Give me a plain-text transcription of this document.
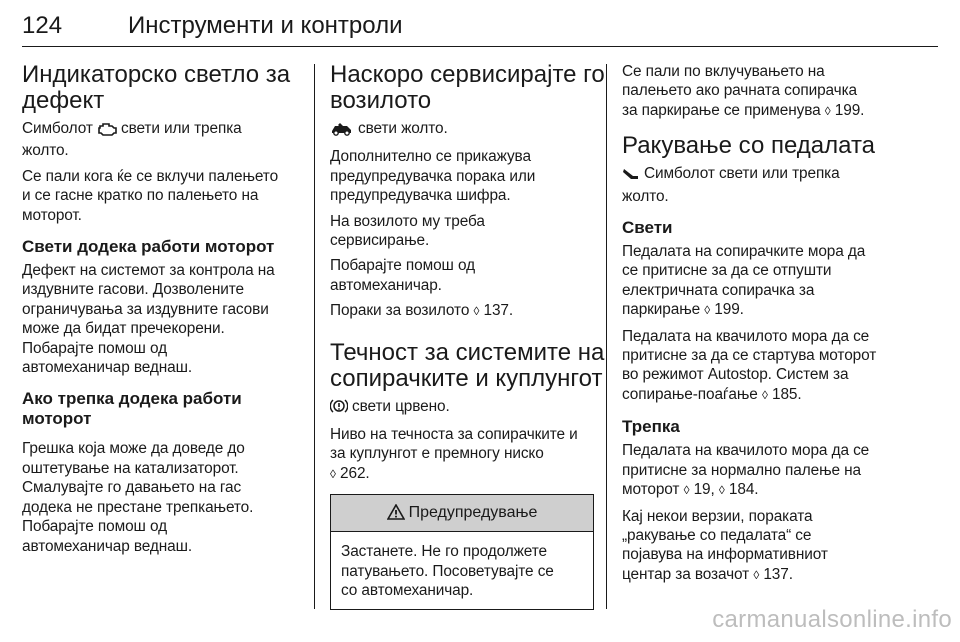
124	Инструменти и контроли
Индикаторско светло за
дефект

Симболот свети или трепка
жолто.

Се пали кога ќе се вклучи палењето
и се гасне кратко по палењето на
моторот.

Свети додека работи моторот

Дефект на системот за контрола на
издувните гасови. Дозволените
ограничувања за издувните гасови
може да бидат пречекорени.
Побарајте помош од
автомеханичар веднаш.

Ако трепка додека работи
моторот

Грешка која може да доведе до
оштетување на катализаторот.
Смалувајте го давањето на гас
додека не престане трепкањето.
Побарајте помош од
автомеханичар веднаш.

Наскоро сервисирајте го
возилото

свети жолто.

Дополнително се прикажува
предупредувачка порака или
предупредувачка шифра.

На возилото му треба
сервисирање.

Побарајте помош од
автомеханичар.

Пораки за возилото ◊ 137.

Течност за системите на
сопирачките и куплунгот

свети црвено.

Ниво на течноста за сопирачките и
за куплунгот е премногу ниско
◊ 262.

Предупредување

Застанете. Не го продолжете
патувањето. Посоветувајте се
со автомеханичар.

Се пали по вклучувањето на
палењето ако рачната сопирачка
за паркирање се применува ◊ 199.

Ракување со педалата

Симболот свети или трепка
жолто.

Свети

Педалата на сопирачките мора да
се притисне за да се отпушти
електричната сопирачка за
паркирање ◊ 199.

Педалата на квачилото мора да се
притисне за да се стартува моторот
во режимот Autostop. Систем за
сопирање-поаѓање ◊ 185.

Трепка

Педалата на квачилото мора да се
притисне за нормално палење на
моторот ◊ 19, ◊ 184.

Кај некои верзии, пораката
„ракување со педалата“ се
појавува на информативниот
центар за возачот ◊ 137.

carmanualsonline.info
